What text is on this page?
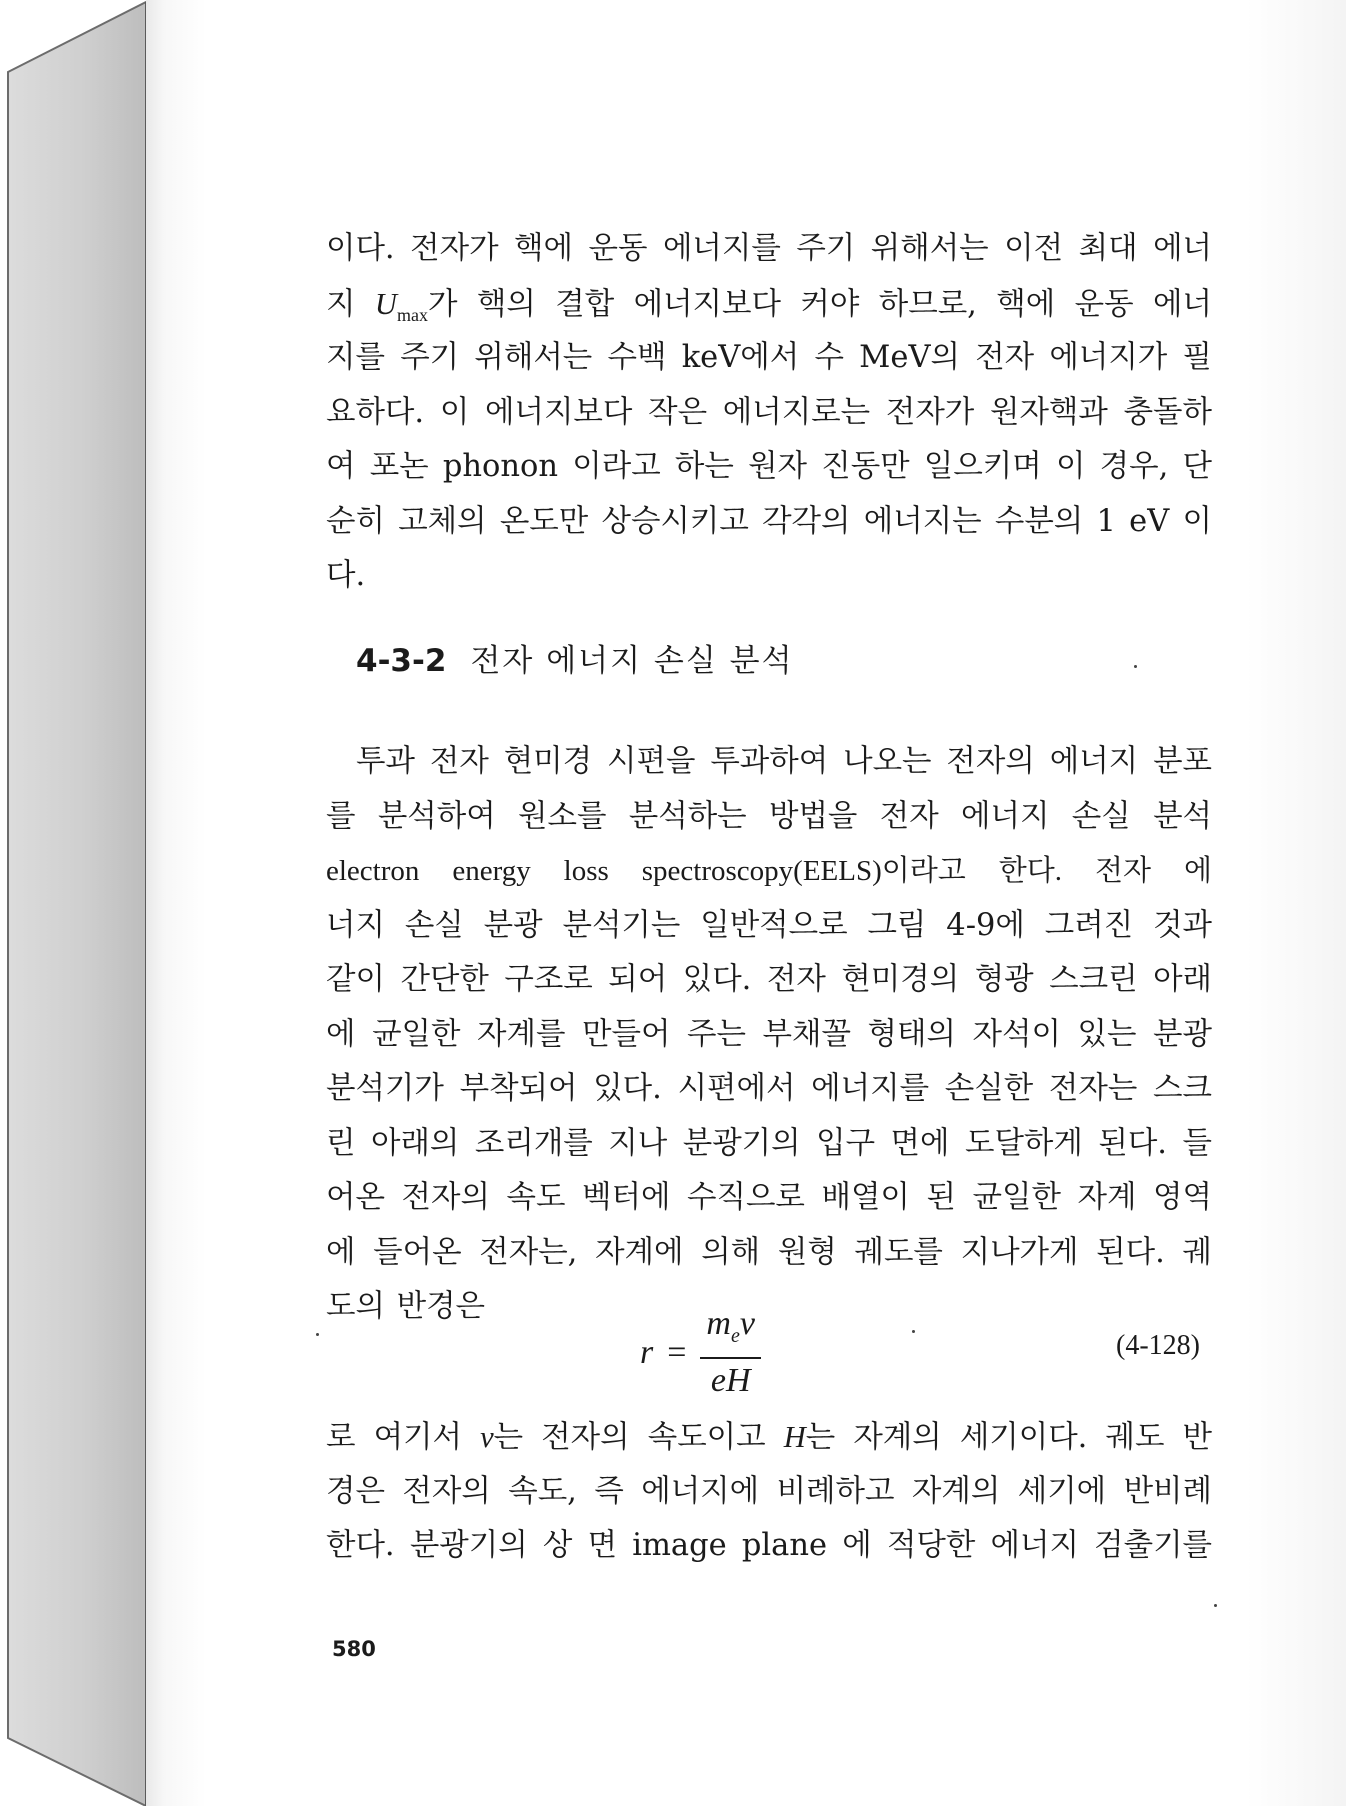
이다. 전자가 핵에 운동 에너지를 주기 위해서는 이전 최대 에너
지 $U_{max}$가 핵의 결합 에너지보다 커야 하므로, 핵에 운동 에너
지를 주기 위해서는 수백 keV에서 수 MeV의 전자 에너지가 필
요하다. 이 에너지보다 작은 에너지로는 전자가 원자핵과 충돌하
여 포논 phonon 이라고 하는 원자 진동만 일으키며 이 경우, 단
순히 고체의 온도만 상승시키고 각각의 에너지는 수분의 1 eV 이
다.
4-3-2 전자 에너지 손실 분석
투과 전자 현미경 시편을 투과하여 나오는 전자의 에너지 분포
를 분석하여 원소를 분석하는 방법을 전자 에너지 손실 분석
electron energy loss spectroscopy(EELS)이라고 한다. 전자 에
너지 손실 분광 분석기는 일반적으로 그림 4-9에 그려진 것과
같이 간단한 구조로 되어 있다. 전자 현미경의 형광 스크린 아래
에 균일한 자계를 만들어 주는 부채꼴 형태의 자석이 있는 분광
분석기가 부착되어 있다. 시편에서 에너지를 손실한 전자는 스크
린 아래의 조리개를 지나 분광기의 입구 면에 도달하게 된다. 들
어온 전자의 속도 벡터에 수직으로 배열이 된 균일한 자계 영역
에 들어온 전자는, 자계에 의해 원형 궤도를 지나가게 된다. 궤
도의 반경은
$r = \frac{m_ev}{eH}$	(4-128)
로 여기서 v는 전자의 속도이고 H는 자계의 세기이다. 궤도 반
경은 전자의 속도, 즉 에너지에 비례하고 자계의 세기에 반비례
한다. 분광기의 상 면 image plane 에 적당한 에너지 검출기를
580
